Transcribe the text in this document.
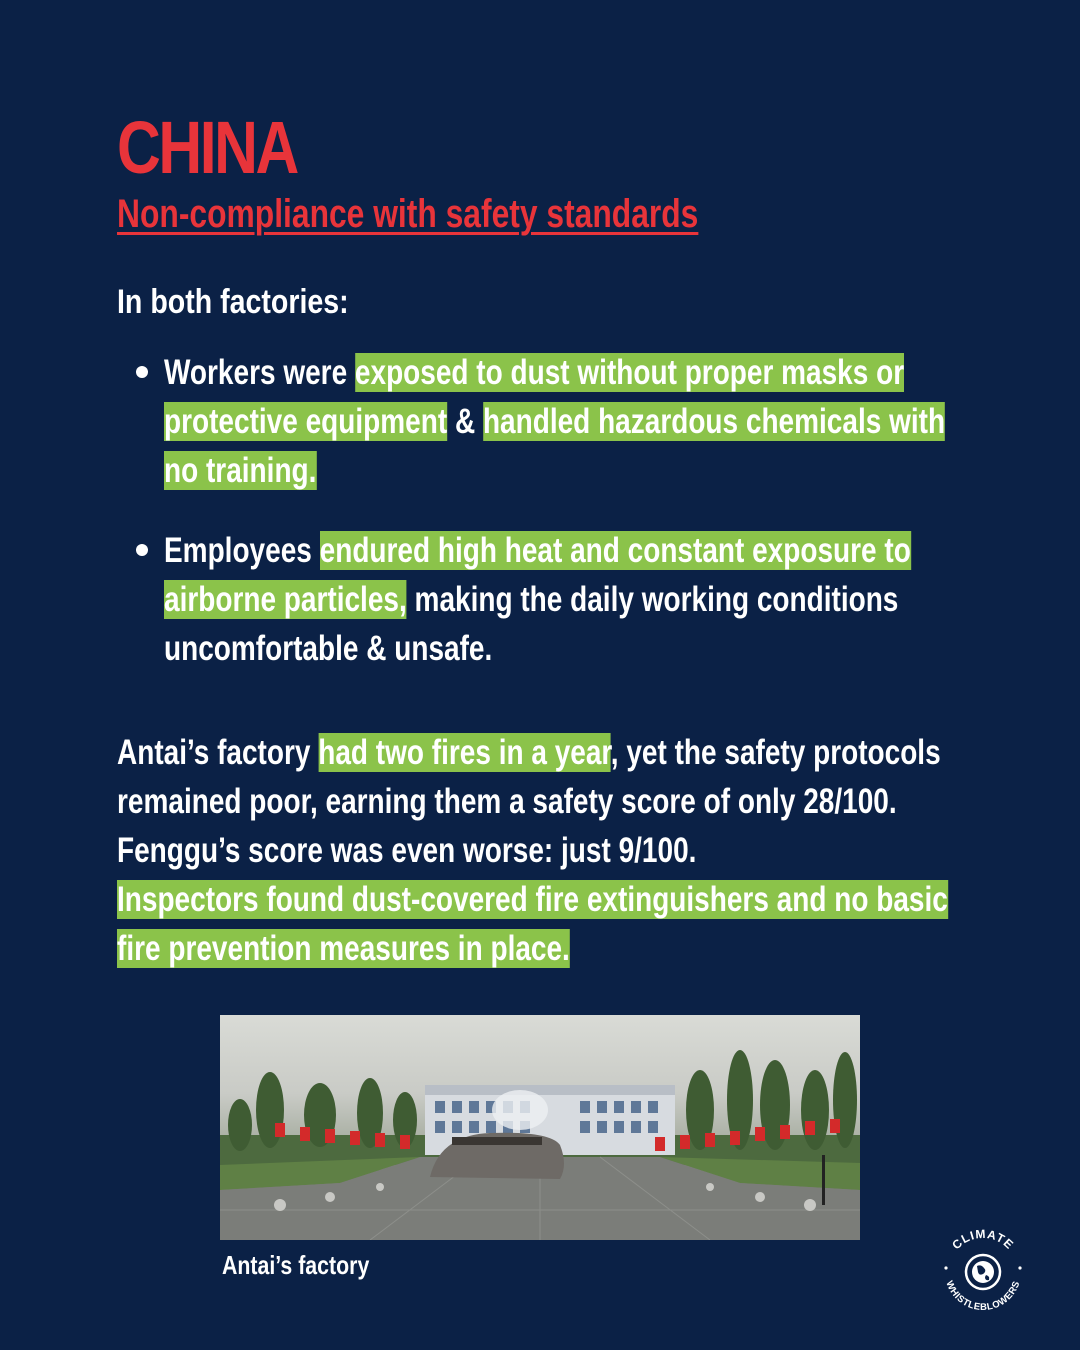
CHINA
Non-compliance with safety standards
In both factories:
Workers were exposed to dust without proper masks or
protective equipment & handled hazardous chemicals with
no training.
Employees endured high heat and constant exposure to
airborne particles, making the daily working conditions
uncomfortable & unsafe.
Antai’s factory had two fires in a year, yet the safety protocols
remained poor, earning them a safety score of only 28/100.
Fenggu’s score was even worse: just 9/100.
Inspectors found dust-covered fire extinguishers and no basic
fire prevention measures in place.
Antai’s factory
CLIMATE
WHISTLEBLOWERS
